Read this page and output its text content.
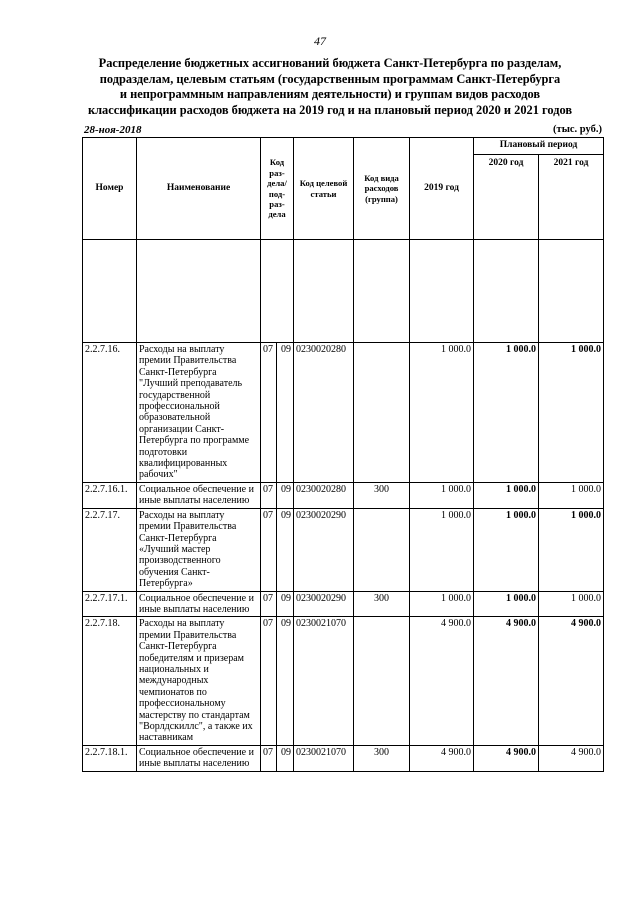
47
Распределение бюджетных ассигнований бюджета Санкт-Петербурга по разделам,
подразделам, целевым статьям (государственным программам Санкт-Петербурга
и непрограммным направлениям деятельности) и группам видов расходов
классификации расходов бюджета на 2019 год и на плановый период 2020 и 2021 годов
28-ноя-2018	(тыс. руб.)
Номер	Наименование	Код раз- дела/ под- раз- дела		Код целевой статьи	Код вида расходов (группа)	2019 год	Плановый период	
							2020 год	2021 год

2.2.7.16.	Расходы на выплату премии Правительства Санкт-Петербурга "Лучший преподаватель государственной профессиональной образовательной организации Санкт-Петербурга по программе подготовки квалифицированных рабочих"	07	09	0230020280		1 000.0	1 000.0	1 000.0
2.2.7.16.1.	Социальное обеспечение и иные выплаты населению	07	09	0230020280	300	1 000.0	1 000.0	1 000.0
2.2.7.17.	Расходы на выплату премии Правительства Санкт-Петербурга «Лучший мастер производственного обучения Санкт-Петербурга»	07	09	0230020290		1 000.0	1 000.0	1 000.0
2.2.7.17.1.	Социальное обеспечение и иные выплаты населению	07	09	0230020290	300	1 000.0	1 000.0	1 000.0
2.2.7.18.	Расходы на выплату премии Правительства Санкт-Петербурга победителям и призерам национальных и международных чемпионатов по профессиональному мастерству по стандартам "Ворлдскиллс", а также их наставникам	07	09	0230021070		4 900.0	4 900.0	4 900.0
2.2.7.18.1.	Социальное обеспечение и иные выплаты населению	07	09	0230021070	300	4 900.0	4 900.0	4 900.0
